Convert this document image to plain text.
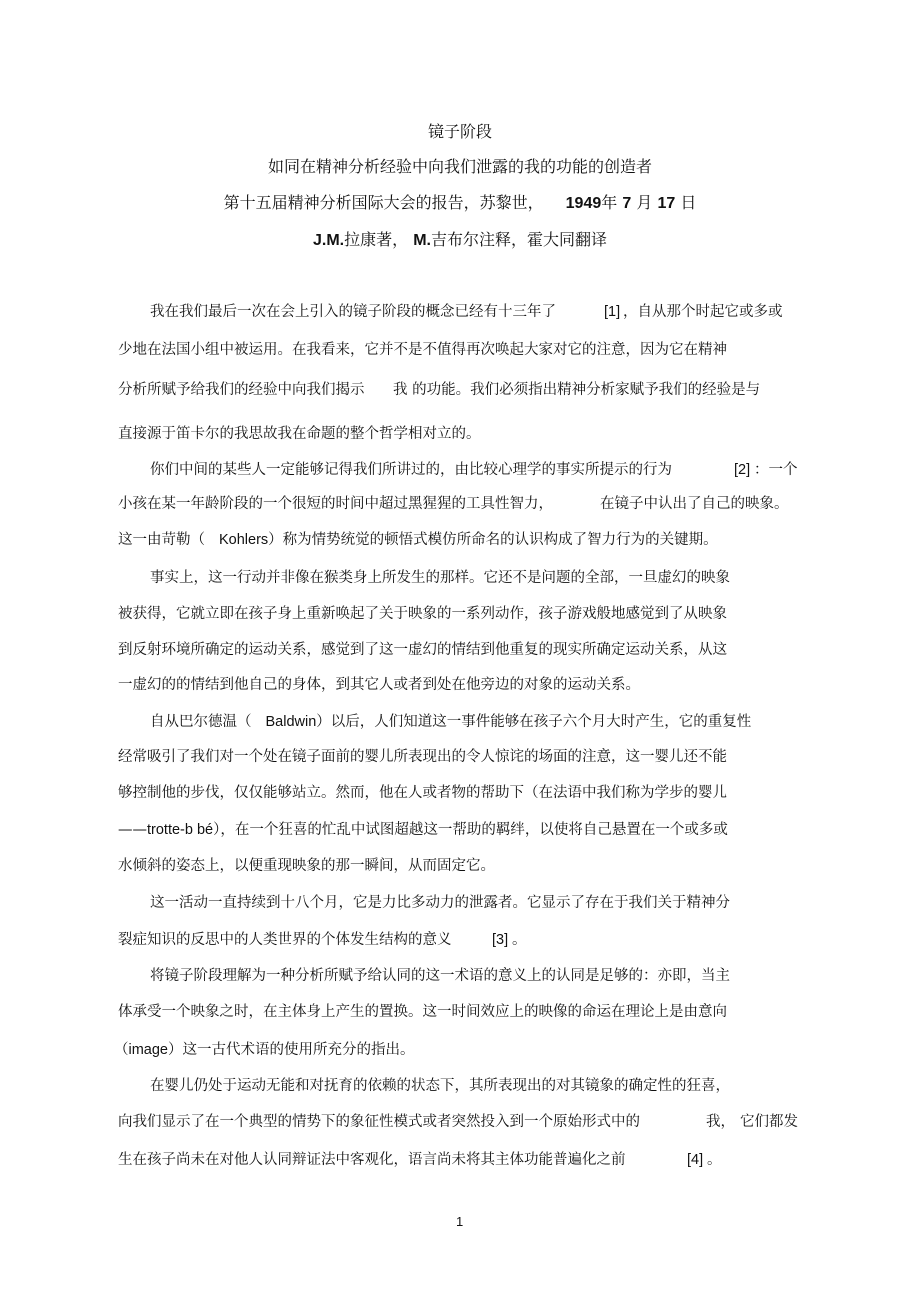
镜子阶段
如同在精神分析经验中向我们泄露的我的功能的创造者
第十五届精神分析国际大会的报告，苏黎世， 1949年 7 月 17 日
J.M.拉康著， M.吉布尔注释，霍大同翻译
我在我们最后一次在会上引入的镜子阶段的概念已经有十三年了	[1] ，自从那个时起它或多或
少地在法国小组中被运用。在我看来，它并不是不值得再次唤起大家对它的注意，因为它在精神
分析所赋予给我们的经验中向我们揭示 我 的功能。我们必须指出精神分析家赋予我们的经验是与
直接源于笛卡尔的我思故我在命题的整个哲学相对立的。
你们中间的某些人一定能够记得我们所讲过的，由比较心理学的事实所提示的行为	[2] ：一个
小孩在某一年龄阶段的一个很短的时间中超过黑猩猩的工具性智力，	在镜子中认出了自己的映象。
这一由苛勒（ Kohlers）称为情势统觉的顿悟式模仿所命名的认识构成了智力行为的关键期。
事实上，这一行动并非像在猴类身上所发生的那样。它还不是问题的全部，一旦虚幻的映象
被获得，它就立即在孩子身上重新唤起了关于映象的一系列动作，孩子游戏般地感觉到了从映象
到反射环境所确定的运动关系，感觉到了这一虚幻的情结到他重复的现实所确定运动关系，从这
一虚幻的的情结到他自己的身体，到其它人或者到处在他旁边的对象的运动关系。
自从巴尔德温（ Baldwin）以后，人们知道这一事件能够在孩子六个月大时产生，它的重复性
经常吸引了我们对一个处在镜子面前的婴儿所表现出的令人惊诧的场面的注意，这一婴儿还不能
够控制他的步伐，仅仅能够站立。然而，他在人或者物的帮助下（在法语中我们称为学步的婴儿
——trotte-b bé），在一个狂喜的忙乱中试图超越这一帮助的羁绊，以使将自己悬置在一个或多或
水倾斜的姿态上，以便重现映象的那一瞬间，从而固定它。
这一活动一直持续到十八个月，它是力比多动力的泄露者。它显示了存在于我们关于精神分
裂症知识的反思中的人类世界的个体发生结构的意义	[3] 。
将镜子阶段理解为一种分析所赋予给认同的这一术语的意义上的认同是足够的：亦即，当主
体承受一个映象之时，在主体身上产生的置换。这一时间效应上的映像的命运在理论上是由意向
（image）这一古代术语的使用所充分的指出。
在婴儿仍处于运动无能和对抚育的依赖的状态下，其所表现出的对其镜象的确定性的狂喜，
向我们显示了在一个典型的情势下的象征性模式或者突然投入到一个原始形式中的	我， 它们都发
生在孩子尚未在对他人认同辩证法中客观化，语言尚未将其主体功能普遍化之前	[4] 。
1
